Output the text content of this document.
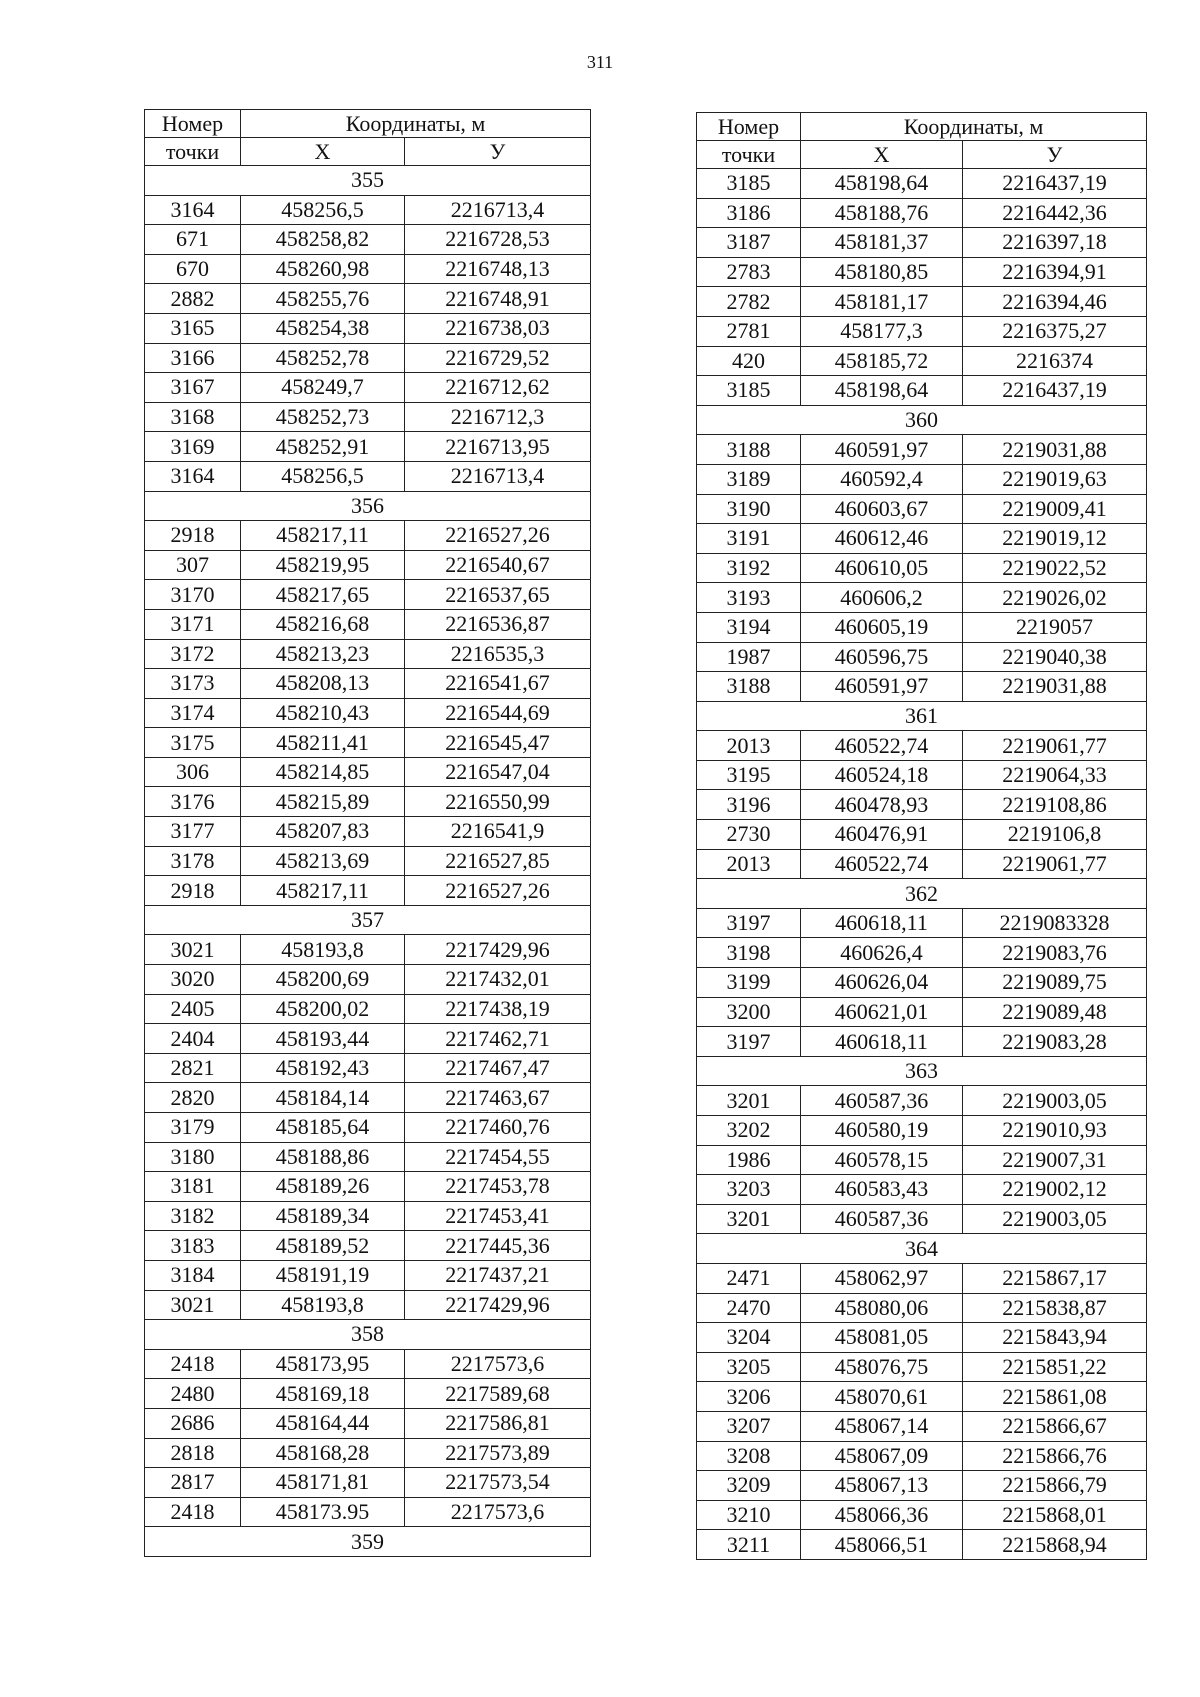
311
Номер	Координаты, м	
точки	Х	У
355		
3164	458256,5	2216713,4
671	458258,82	2216728,53
670	458260,98	2216748,13
2882	458255,76	2216748,91
3165	458254,38	2216738,03
3166	458252,78	2216729,52
3167	458249,7	2216712,62
3168	458252,73	2216712,3
3169	458252,91	2216713,95
3164	458256,5	2216713,4
356		
2918	458217,11	2216527,26
307	458219,95	2216540,67
3170	458217,65	2216537,65
3171	458216,68	2216536,87
3172	458213,23	2216535,3
3173	458208,13	2216541,67
3174	458210,43	2216544,69
3175	458211,41	2216545,47
306	458214,85	2216547,04
3176	458215,89	2216550,99
3177	458207,83	2216541,9
3178	458213,69	2216527,85
2918	458217,11	2216527,26
357		
3021	458193,8	2217429,96
3020	458200,69	2217432,01
2405	458200,02	2217438,19
2404	458193,44	2217462,71
2821	458192,43	2217467,47
2820	458184,14	2217463,67
3179	458185,64	2217460,76
3180	458188,86	2217454,55
3181	458189,26	2217453,78
3182	458189,34	2217453,41
3183	458189,52	2217445,36
3184	458191,19	2217437,21
3021	458193,8	2217429,96
358		
2418	458173,95	2217573,6
2480	458169,18	2217589,68
2686	458164,44	2217586,81
2818	458168,28	2217573,89
2817	458171,81	2217573,54
2418	458173.95	2217573,6
359		
Номер	Координаты, м	
точки	Х	У
3185	458198,64	2216437,19
3186	458188,76	2216442,36
3187	458181,37	2216397,18
2783	458180,85	2216394,91
2782	458181,17	2216394,46
2781	458177,3	2216375,27
420	458185,72	2216374
3185	458198,64	2216437,19
360		
3188	460591,97	2219031,88
3189	460592,4	2219019,63
3190	460603,67	2219009,41
3191	460612,46	2219019,12
3192	460610,05	2219022,52
3193	460606,2	2219026,02
3194	460605,19	2219057
1987	460596,75	2219040,38
3188	460591,97	2219031,88
361		
2013	460522,74	2219061,77
3195	460524,18	2219064,33
3196	460478,93	2219108,86
2730	460476,91	2219106,8
2013	460522,74	2219061,77
362		
3197	460618,11	2219083328
3198	460626,4	2219083,76
3199	460626,04	2219089,75
3200	460621,01	2219089,48
3197	460618,11	2219083,28
363		
3201	460587,36	2219003,05
3202	460580,19	2219010,93
1986	460578,15	2219007,31
3203	460583,43	2219002,12
3201	460587,36	2219003,05
364		
2471	458062,97	2215867,17
2470	458080,06	2215838,87
3204	458081,05	2215843,94
3205	458076,75	2215851,22
3206	458070,61	2215861,08
3207	458067,14	2215866,67
3208	458067,09	2215866,76
3209	458067,13	2215866,79
3210	458066,36	2215868,01
3211	458066,51	2215868,94
